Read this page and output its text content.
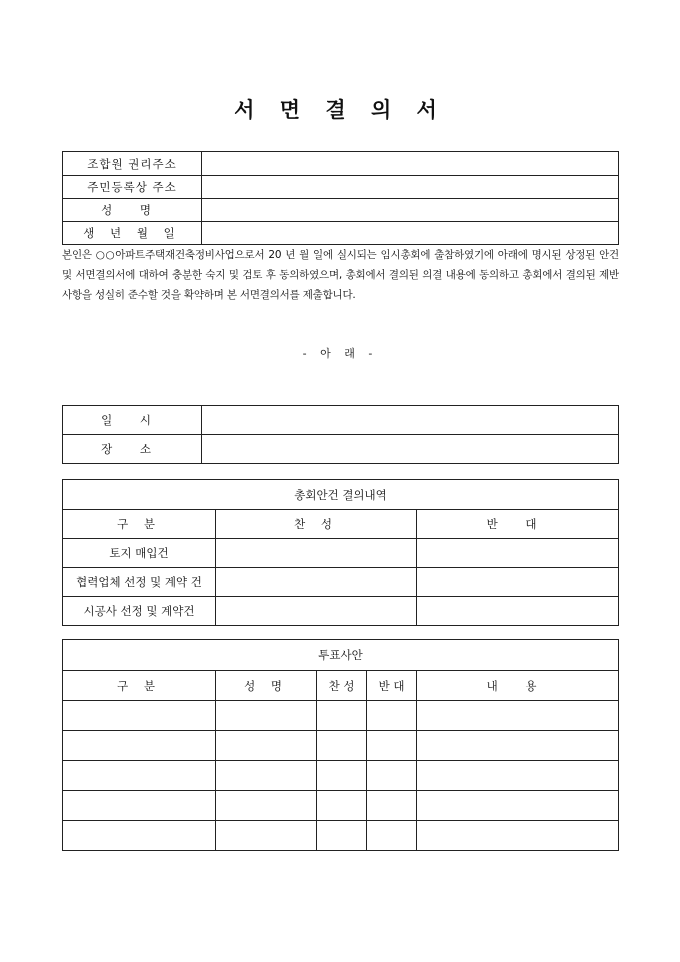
서 면 결 의 서
조합원 권리주소	
주민등록상 주소	
성 명	
생 년 월 일	
본인은 ○○아파트주택재건축정비사업으로서 20 년 월 일에 실시되는 임시총회에 출참하였기에 아래에 명시된 상정된 안건 및 서면결의서에 대하여 충분한 숙지 및 검토 후 동의하였으며, 총회에서 결의된 의결 내용에 동의하고 총회에서 결의된 제반사항을 성실히 준수할 것을 확약하며 본 서면결의서를 제출합니다.
- 아 래 -
일 시	
장 소	
총회안건 결의내역		
구 분	찬 성	반 대
토지 매입건		
협력업체 선정 및 계약 건		
시공사 선정 및 계약건		
투표사안				
구 분	성 명	찬 성	반 대	내 용
